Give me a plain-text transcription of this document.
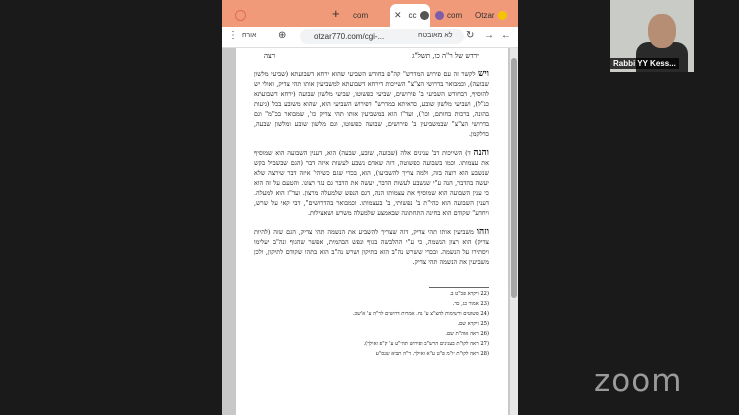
+ com	✕ cc	com Otzar
⋮ אורח	⊕	otzar770.com/cgi-...	לא מאובטח ↻ → ←
ירדש של ר"ה כו, תשל"ג
רצה
ויש לקשר זה עם פירוש המדרש" קה"פ בחודש השביעי שהוא ירחא דשבועתא (שביעי מלשון שבועה), וכמבואר בדרושי הצ"צ" השייכות דירחא דשבועתא למשביעין אותו תהי צדיק, ואולי יש להוסיף, דבחודש השביעי ב' פירושים, שביעי כפשוטו, שביעי מלשון שבועה (ירחא דשבועתא כנ"ל), ושביעי מלשון שובע, כדאיתא במדרש" דפירוש השביעי הוא, שהוא משובע בכל (גיעות בהונה, ברכות בחותם, וכו'), ועד"ז הוא במשביעין אותו תהי צדיק כו', שמבואר בכ"מ" וגם בדרושי הצ"צ" שבמשביעין ב' פירושים, שבועה כפשוטו, וגם מלשון שובע ומלשון שבעה, כדלקמן.
והנה ד) השייכות דב' ענינים אלה (שבועה, שובע, שבעה) הוא, דענין השבועה הוא שמוסיף את עצמותו. וכמו בשבועה כפשוטה, דזה שאדם נשבע לעשות איזה דבר (הגם שבשביל בקש שנשבע הוא רוצה בזה, ולמה צריך להשביעו), הוא, בכדי שגם כשיהי' איזה דבר שירצה שלא יעשה בהדבר, הנה ע"י שנשבע לעשות הדבר, יעשה את הדבר גם נגד רצונו. והטעם על זה הוא כי ענין השבועה הוא שמוסיף את עצמותו הנה, דגם הנפש שלמעלה מרצון. ועד"ז הוא למעלה. דענין השבועה הוא כהי"ת ב' נפשותי, ב' בעצמותו. וכמבואר בהדרושים", דבי קאי על שרש, ויחדע" שקודם הוא בחינה התחתונה שבאמצע שלמעלה משרש ושאצילות.
וזהו משביעין אותו תהי צדיק, דזה שצריך להשביע את הנשמה תהי צדיק, הגם שזה (להיות צדיק) הוא רצון הנשמה, כי ע"י ההלבשה בגוף ונפש הבהמית, אפשר שהגוף ונה"ב יעלימו ויסתירו על הנשמה. ובכדי ששרש נה"ב הוא בתיקון ושרש נה"ב הוא בתהו שקודם לתיקון, ולכן משביעין את הנשמה תהי צדיק.
(22 ויקרא פכ"ט ב.
(23 אמור כג, כד.
(24 פשוטים ורשימות להצ"צ ע' נח. אמרות דרושים לר"ה ע' א'שכ.
(25 ויקרא שם.
(26 ראה אוה"ת שם.
(27 ראה לקו"ת בענינים הרש"ב ופירוש תהי"ע ע' ק"פ ואילך).
(28 ראה לקו"ת יו"מ פ"ט ע"א ואילך. ד"ה תביא שנס"ע
Rabbi YY Kess...
zoom
